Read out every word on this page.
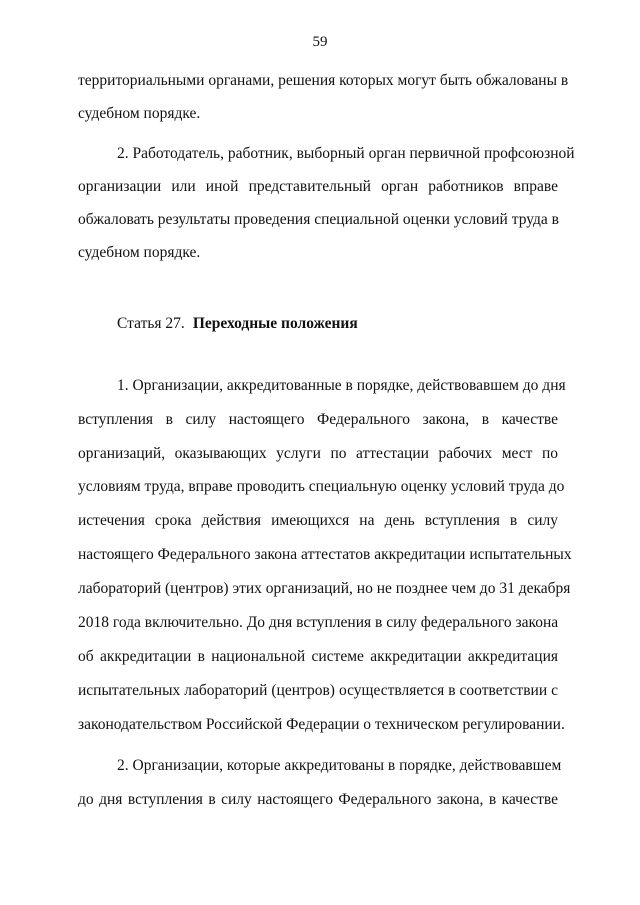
59
территориальными органами, решения которых могут быть обжалованы в
судебном порядке.
2. Работодатель, работник, выборный орган первичной профсоюзной
организации или иной представительный орган работников вправе
обжаловать результаты проведения специальной оценки условий труда в
судебном порядке.
Статья 27. Переходные положения
1. Организации, аккредитованные в порядке, действовавшем до дня
вступления в силу настоящего Федерального закона, в качестве
организаций, оказывающих услуги по аттестации рабочих мест по
условиям труда, вправе проводить специальную оценку условий труда до
истечения срока действия имеющихся на день вступления в силу
настоящего Федерального закона аттестатов аккредитации испытательных
лабораторий (центров) этих организаций, но не позднее чем до 31 декабря
2018 года включительно. До дня вступления в силу федерального закона
об аккредитации в национальной системе аккредитации аккредитация
испытательных лабораторий (центров) осуществляется в соответствии с
законодательством Российской Федерации о техническом регулировании.
2. Организации, которые аккредитованы в порядке, действовавшем
до дня вступления в силу настоящего Федерального закона, в качестве
